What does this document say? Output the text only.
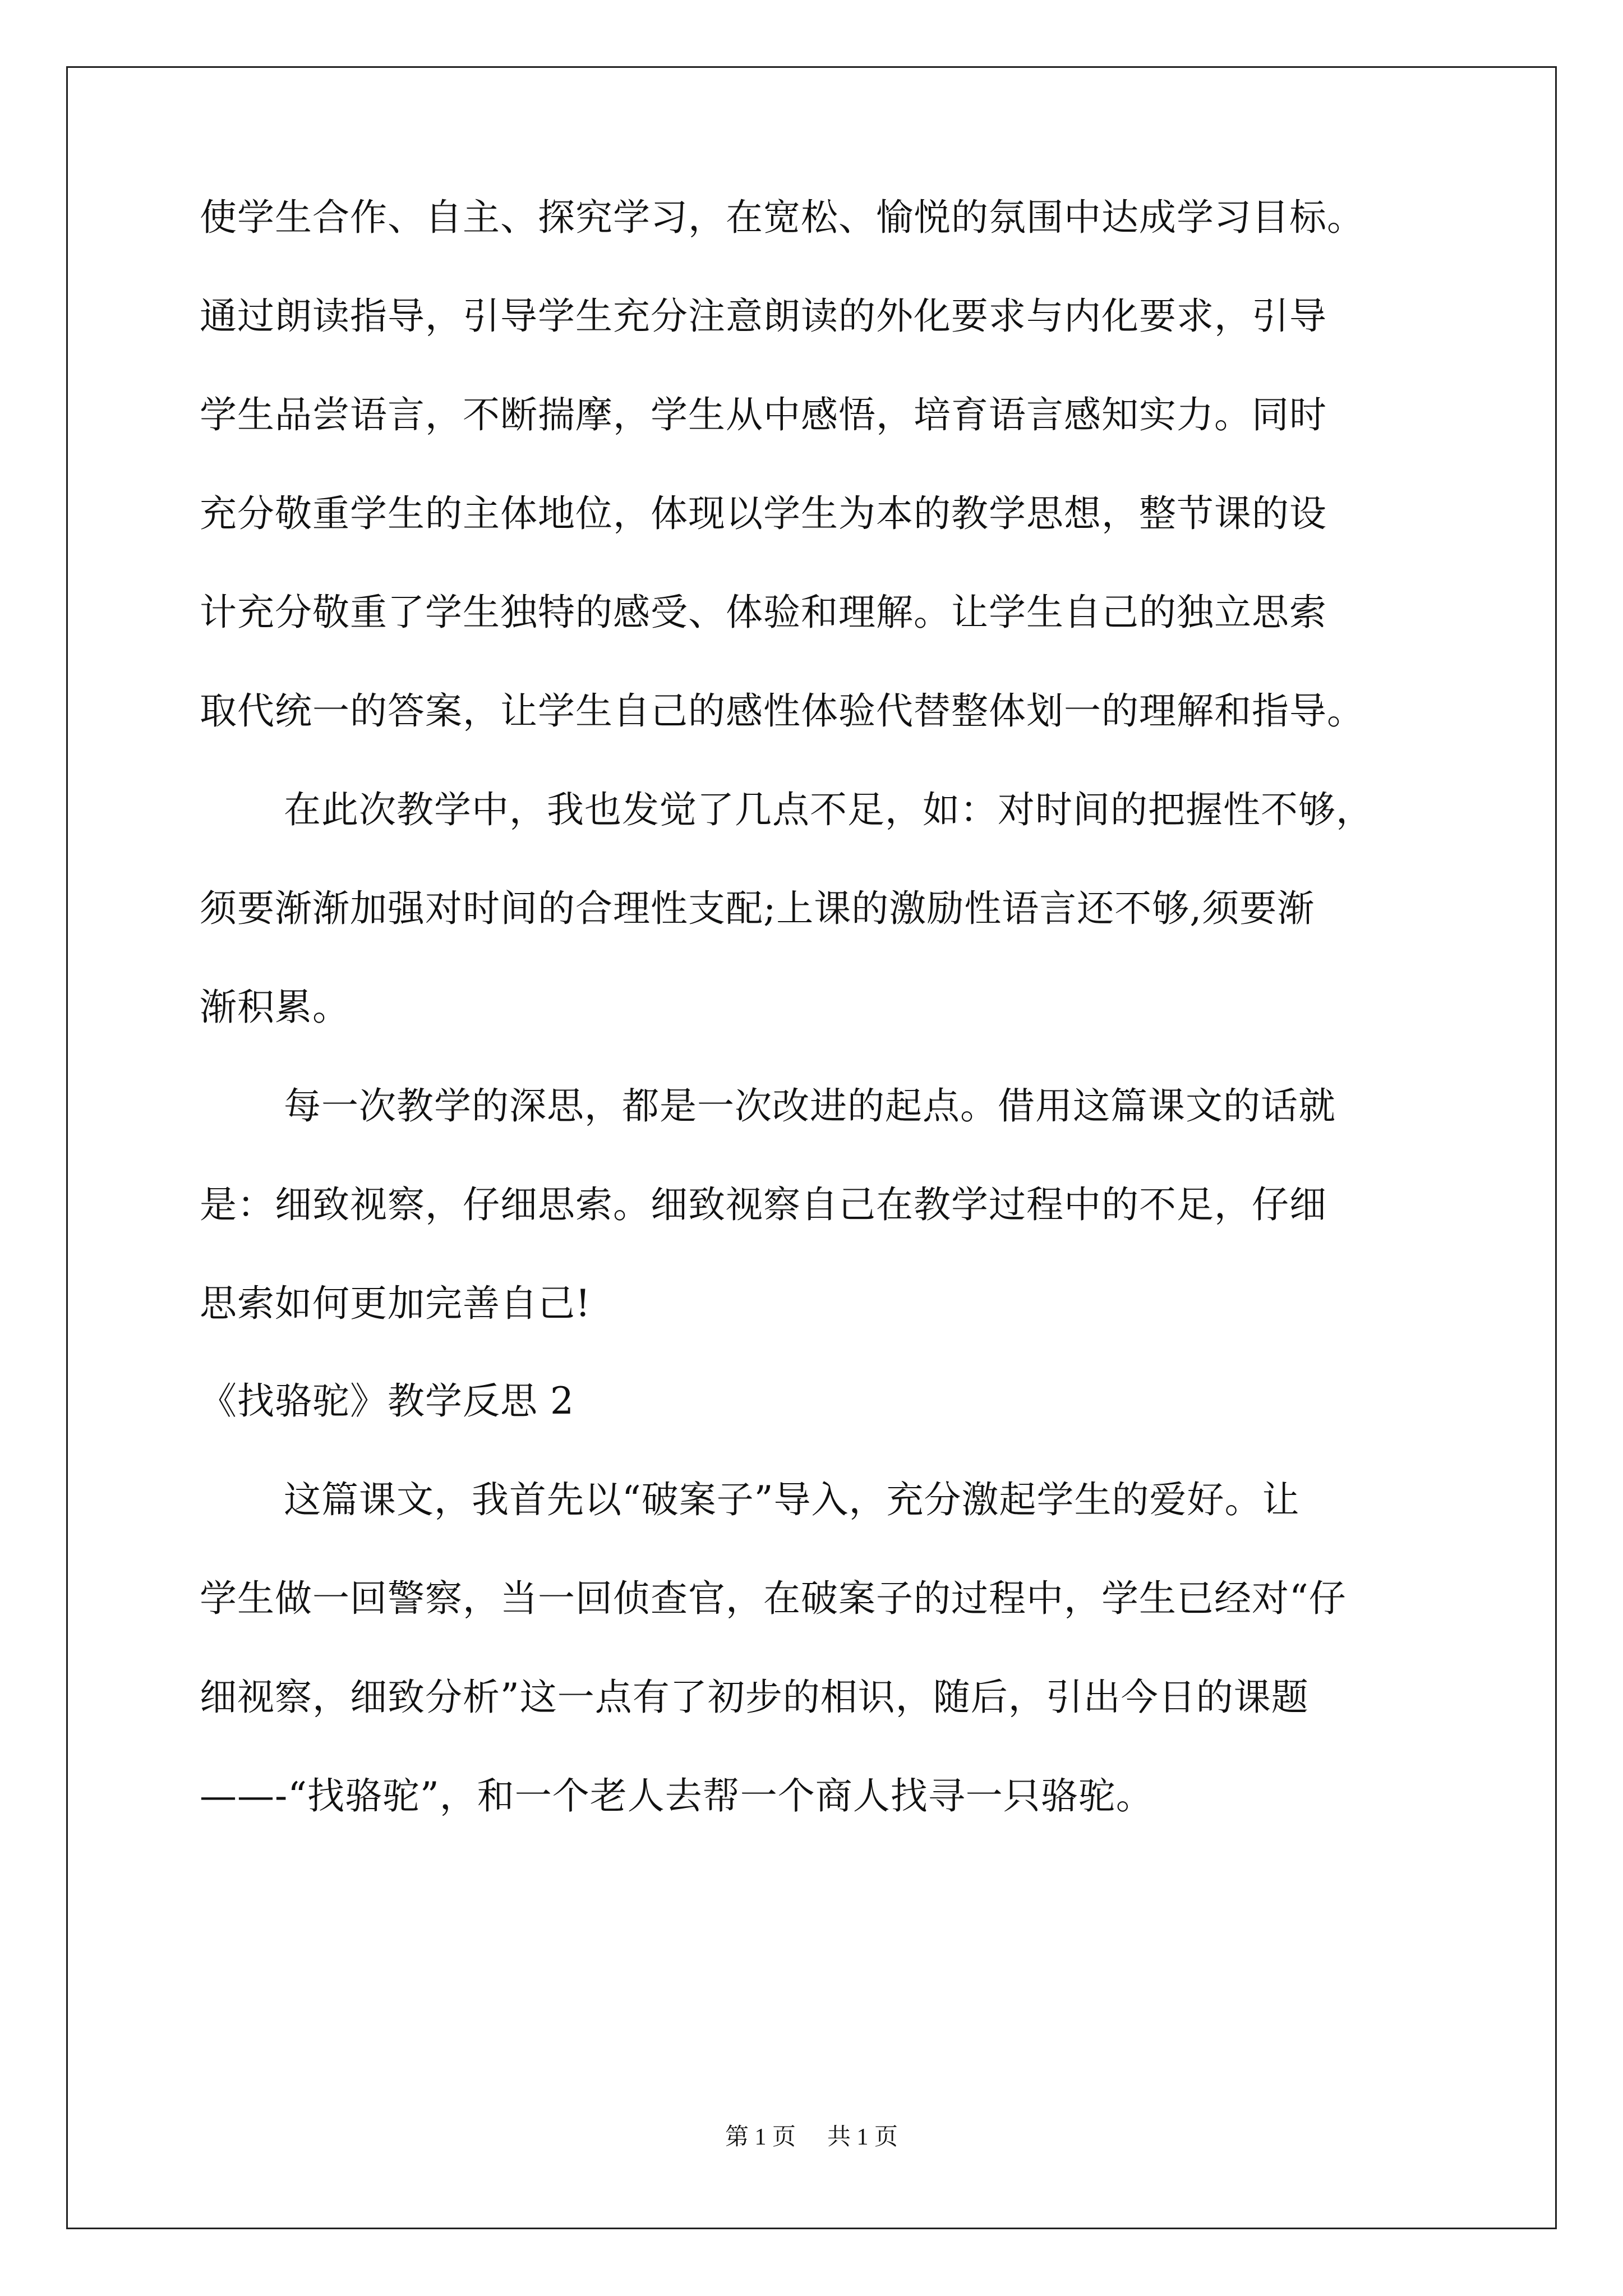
使学生合作、自主、探究学习，在宽松、愉悦的氛围中达成学习目标。
通过朗读指导，引导学生充分注意朗读的外化要求与内化要求，引导
学生品尝语言，不断揣摩，学生从中感悟，培育语言感知实力。同时
充分敬重学生的主体地位，体现以学生为本的教学思想，整节课的设
计充分敬重了学生独特的感受、体验和理解。让学生自己的独立思索
取代统一的答案，让学生自己的感性体验代替整体划一的理解和指导。
在此次教学中，我也发觉了几点不足，如：对时间的把握性不够，
须要渐渐加强对时间的合理性支配;上课的激励性语言还不够,须要渐
渐积累。
每一次教学的深思，都是一次改进的起点。借用这篇课文的话就
是：细致视察，仔细思索。细致视察自己在教学过程中的不足，仔细
思索如何更加完善自己!
《找骆驼》教学反思 2
这篇课文，我首先以“破案子”导入，充分激起学生的爱好。让
学生做一回警察，当一回侦查官，在破案子的过程中，学生已经对“仔
细视察，细致分析”这一点有了初步的相识，随后，引出今日的课题
——-“找骆驼”，和一个老人去帮一个商人找寻一只骆驼。
第 1 页 共 1 页
